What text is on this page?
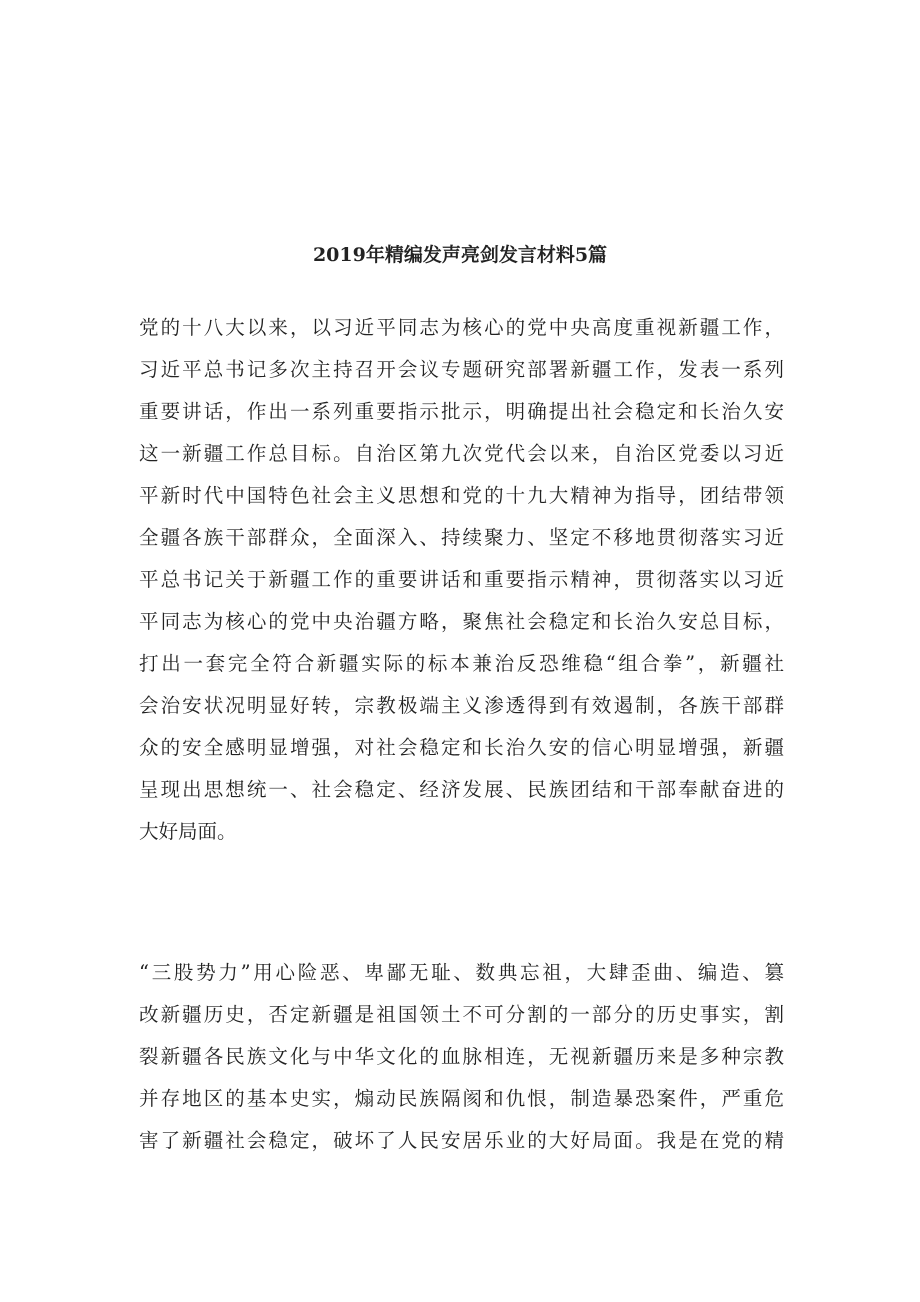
2019年精编发声亮剑发言材料5篇
党的十八大以来，以习近平同志为核心的党中央高度重视新疆工作，
习近平总书记多次主持召开会议专题研究部署新疆工作，发表一系列
重要讲话，作出一系列重要指示批示，明确提出社会稳定和长治久安
这一新疆工作总目标。自治区第九次党代会以来，自治区党委以习近
平新时代中国特色社会主义思想和党的十九大精神为指导，团结带领
全疆各族干部群众，全面深入、持续聚力、坚定不移地贯彻落实习近
平总书记关于新疆工作的重要讲话和重要指示精神，贯彻落实以习近
平同志为核心的党中央治疆方略，聚焦社会稳定和长治久安总目标，
打出一套完全符合新疆实际的标本兼治反恐维稳“组合拳”，新疆社
会治安状况明显好转，宗教极端主义渗透得到有效遏制，各族干部群
众的安全感明显增强，对社会稳定和长治久安的信心明显增强，新疆
呈现出思想统一、社会稳定、经济发展、民族团结和干部奉献奋进的
大好局面。
“三股势力”用心险恶、卑鄙无耻、数典忘祖，大肆歪曲、编造、篡
改新疆历史，否定新疆是祖国领土不可分割的一部分的历史事实，割
裂新疆各民族文化与中华文化的血脉相连，无视新疆历来是多种宗教
并存地区的基本史实，煽动民族隔阂和仇恨，制造暴恐案件，严重危
害了新疆社会稳定，破坏了人民安居乐业的大好局面。我是在党的精
